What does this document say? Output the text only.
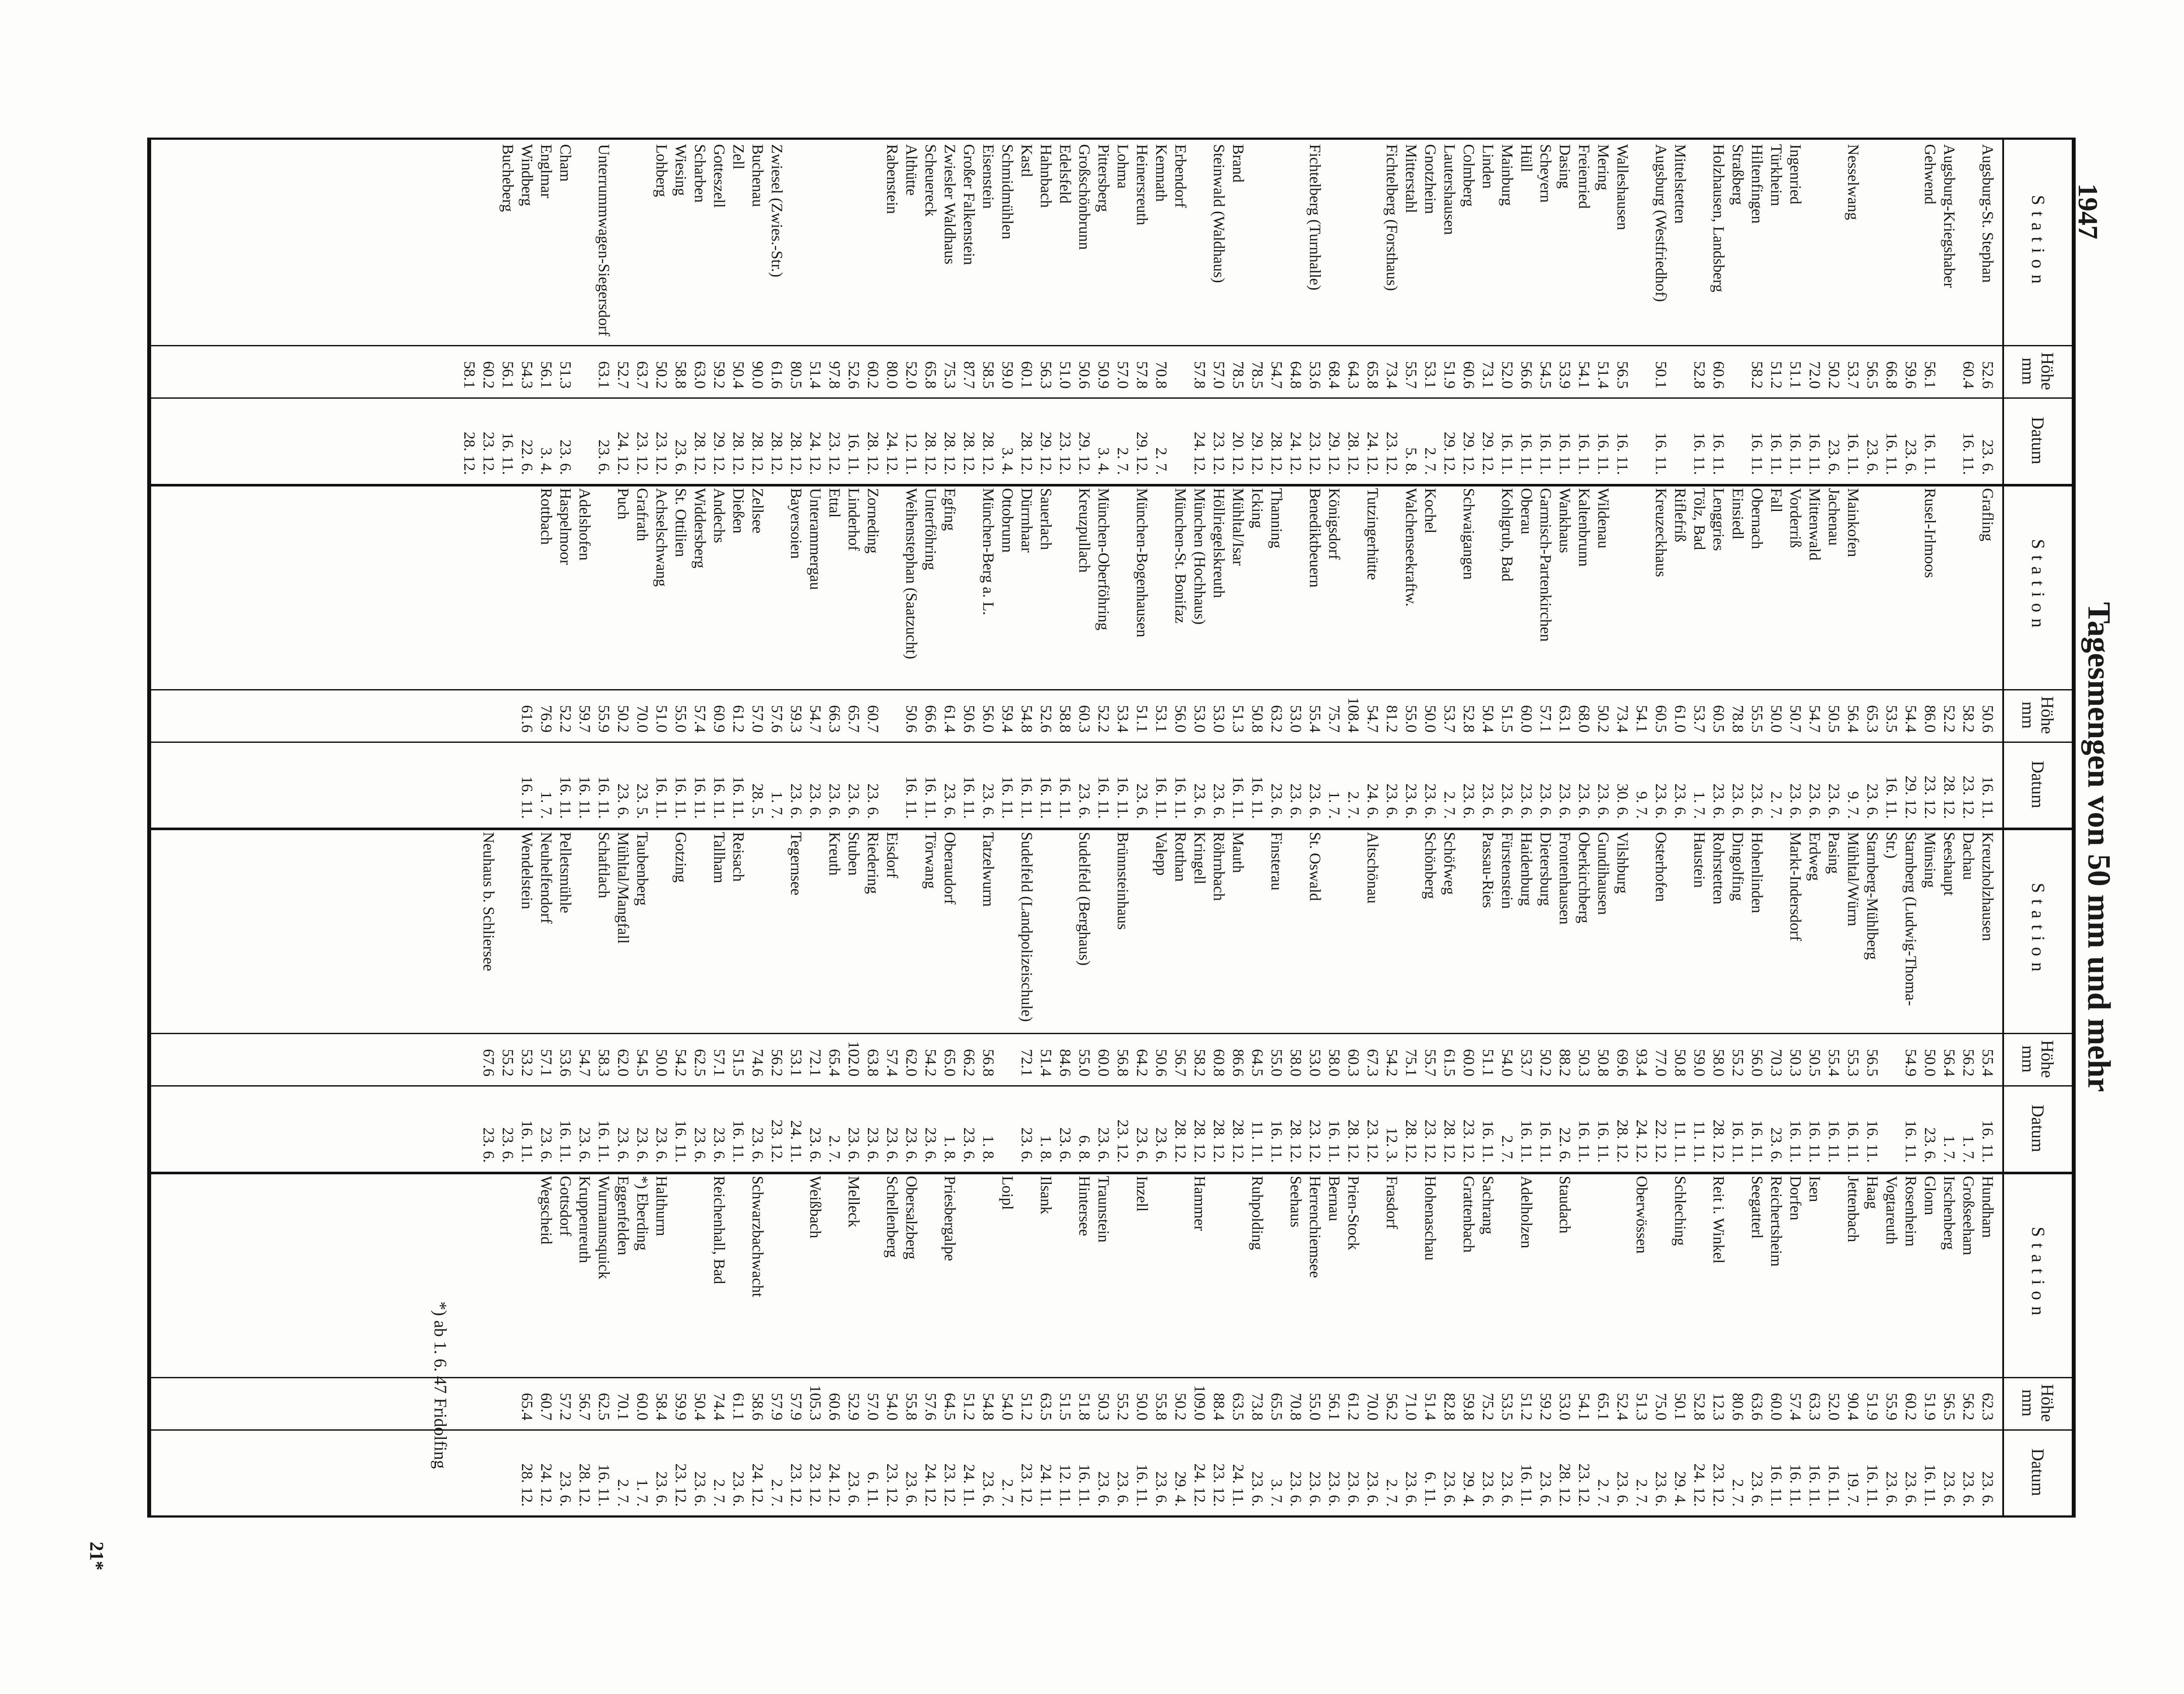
1947
Tagesmengen von 50 mm und mehr
Station
Höhe mm
Datum
Station
Höhe mm
Datum
Station
Höhe mm
Datum
Station
Höhe mm
Datum
Augsburg-St. Stephan
52.6
60.4
23. 6.
16. 11.
Augsburg-Kriegshaber
Gehwend
56.1
59.6
66.8
56.5
16. 11.
23. 6.
16. 11.
23. 6.
Nesselwang
53.7
50.2
72.0
16. 11.
23. 6.
16. 11.
Ingenried
51.1
16. 11.
Türkheim
51.2
16. 11.
Hiltenfingen
58.2
16. 11.
Straßberg
Holzhausen, Landsberg
60.6
52.8
16. 11.
16. 11.
Mittelstetten
Augsburg (Westfriedhof)
50.1
16. 11.
Walleshausen
56.5
16. 11.
Mering
51.4
16. 11.
Freienried
54.1
16. 11.
Dasing
53.9
16. 11.
Scheyern
54.5
16. 11.
Hüll
56.6
16. 11.
Mainburg
52.0
16. 11.
Linden
73.1
29. 12.
Colmberg
60.6
29. 12.
Lautershausen
51.9
29. 12.
Gnotzheim
53.1
2. 7.
Mitterstahl
55.7
5. 8.
Fichtelberg (Forsthaus)
73.4
65.8
64.3
68.4
23. 12.
24. 12.
28. 12.
29. 12.
Fichtelberg (Turnhalle)
53.6
64.8
54.7
78.5
23. 12.
24. 12.
28. 12.
29. 12.
Brand
78.5
20. 12.
Steinwald (Waldhaus)
57.0
57.8
23. 12.
24. 12.
Erbendorf
Kemnath
70.8
2. 7.
Heinersreuth
57.8
29. 12.
Lohma
57.0
2. 7.
Pittersberg
50.9
3. 4.
Großschönbrunn
50.6
29. 12.
Edelsfeld
51.0
23. 12.
Hahnbach
56.3
29. 12.
Kastl
60.1
28. 12.
Schmidmühlen
59.0
3. 4.
Eisenstein
58.5
28. 12.
Großer Falkenstein
87.7
28. 12.
Zwiesler Waldhaus
75.3
28. 12.
Scheuereck
65.8
28. 12.
Althütte
52.0
12. 11.
Rabenstein
80.0
60.2
52.6
97.8
51.4
80.5
24. 12.
28. 12.
16. 11.
23. 12.
24. 12.
28. 12.
Zwiesel (Zwies.-Str.)
61.6
28. 12.
Buchenau
90.0
28. 12.
Zell
50.4
28. 12.
Gotteszell
59.2
29. 12.
Scharben
63.0
28. 12.
Wiesing
58.8
23. 6.
Lohberg
50.2
63.7
52.7
23. 12.
23. 12.
24. 12.
Unterrummwagen-Siegersdorf
63.1
23. 6.
Cham
51.3
23. 6.
Englmar
56.1
3. 4.
Windberg
54.3
22. 6.
Bucheberg
56.1
60.2
58.1
16. 11.
23. 12.
28. 12.
Grafling
50.6
58.2
52.2
16. 11.
23. 12.
28. 12.
Rusel-Irlmoos
86.0
54.4
53.5
65.3
23. 12.
29. 12.
16. 11.
23. 6.
Mainkofen
56.4
9. 7.
Jachenau
50.5
23. 6.
Mittenwald
54.7
23. 6.
Vorderriß
50.7
23. 6.
Fall
50.0
2. 7.
Obernach
55.5
23. 6.
Einsiedl
78.8
23. 6.
Lenggries
60.5
23. 6.
Tölz, Bad
53.7
1. 7.
Riflefriß
61.0
23. 6.
Kreuzeckhaus
60.5
54.1
73.4
23. 6.
9. 7.
30. 6.
Wildenau
50.2
23. 6.
Kaltenbrunn
68.0
23. 6.
Wankhaus
63.1
23. 6.
Garmisch-Partenkirchen
57.1
23. 6.
Oberau
60.0
23. 6.
Kohlgrub, Bad
51.5
50.4
23. 6.
23. 6.
Schwaigangen
52.8
53.7
23. 6.
2. 7.
Kochel
50.0
23. 6.
Walchenseekraftw.
55.0
81.2
23. 6.
23. 6.
Tutzingerhütte
54.7
108.4
24. 6.
2. 7.
Königsdorf
75.7
1. 7.
Benediktbeuern
55.4
53.0
23. 6.
23. 6.
Thanning
63.2
23. 6.
Icking
50.8
16. 11.
Mühltal/Isar
51.3
16. 11.
Höllriegelskreuth
53.0
23. 6.
München (Hochhaus)
53.0
23. 6.
München-St. Bonifaz
56.0
53.1
16. 11.
16. 11.
München-Bogenhausen
51.1
53.4
23. 6.
16. 11.
München-Oberföhring
52.2
16. 11.
Kreuzpullach
60.3
58.8
23. 6.
16. 11.
Sauerlach
52.6
16. 11.
Dürrnhaar
54.8
16. 11.
Ottobrunn
59.4
16. 11.
München-Berg a. L.
56.0
50.6
23. 6.
16. 11.
Egfing
61.4
23. 6.
Unterföhring
66.6
16. 11.
Weihenstephan (Saatzucht)
50.6
16. 11.
Zorneding
60.7
23. 6.
Linderhof
65.7
23. 6.
Ettal
66.3
23. 6.
Unterammergau
54.7
23. 6.
Bayersoien
59.3
57.6
23. 6.
1. 7.
Zellsee
57.0
28. 5.
Dießen
61.2
16. 11.
Andechs
60.9
16. 11.
Widdersberg
57.4
16. 11.
St. Ottilien
55.0
16. 11.
Achselschwang
51.0
16. 11.
Grafrath
70.0
23. 5.
Puch
50.2
55.9
23. 6.
16. 11.
Adelshofen
59.7
16. 11.
Haspelmoor
52.2
16. 11.
Rottbach
76.9
61.6
1. 7.
16. 11.
Kreuzholzhausen
55.4
16. 11.
Dachau
56.2
1. 7.
Seeshaupt
56.4
1. 7.
Münsing
50.0
23. 6.
Starnberg (Ludwig-Thoma-Str.)
54.9
16. 11.
Starnberg-Mühlberg
56.5
16. 11.
Mühltal/Würm
55.3
16. 11.
Pasing
55.4
16. 11.
Erdweg
50.5
16. 11.
Markt-Indersdorf
50.3
70.3
16. 11.
23. 6.
Hohenlinden
56.0
16. 11.
Dingolfing
55.2
16. 11.
Rohrstetten
58.0
28. 12.
Haustein
59.0
50.8
11. 11.
11. 11.
Osterhofen
77.0
93.4
22. 12.
24. 12.
Vilshburg
69.6
28. 12.
Gundihausen
50.8
16. 11.
Oberkirchberg
50.3
16. 11.
Frontenhausen
88.2
22. 6.
Dietersburg
50.2
16. 11.
Haidenburg
53.7
16. 11.
Fürstenstein
54.0
2. 7.
Passau-Ries
51.1
60.0
16. 11.
23. 12.
Schöfweg
61.5
28. 12.
Schönberg
55.7
75.1
54.2
23. 12.
28. 12.
12. 3.
Altschönau
67.3
60.3
58.0
23. 12.
28. 12.
16. 11.
St. Oswald
53.0
58.0
23. 12.
28. 12.
Finsterau
55.0
64.5
16. 11.
11. 11.
Mauth
86.6
28. 12.
Röhrnbach
60.8
28. 12.
Kringell
58.2
28. 12.
Rotthan
56.7
28. 12.
Valepp
50.6
64.2
23. 6.
23. 6.
Brünnsteinhaus
56.8
60.0
23. 12.
23. 6.
Sudelfeld (Berghaus)
55.0
84.6
51.4
6. 8.
23. 6.
1. 8.
Sudelfeld (Landpolizeischule)
72.1
23. 6.
Tatzelwurm
56.8
66.2
1. 8.
23. 6.
Oberaudorf
65.0
1. 8.
Törwang
54.2
62.0
23. 6.
23. 6.
Eisdorf
57.4
23. 6.
Riedering
63.8
23. 6.
Stuben
102.0
23. 6.
Kreuth
65.4
72.1
2. 7.
23. 6.
Tegernsee
53.1
56.2
74.6
24. 11.
23. 12.
23. 6.
Reisach
51.5
16. 11.
Tallham
57.1
62.5
23. 6.
23. 6.
Gotzing
54.2
50.0
16. 11.
23. 6.
Taubenberg
54.5
23. 6.
Mühltal/Mangfall
62.0
23. 6.
Schaftlach
58.3
54.7
16. 11.
23. 6.
Pelletsmühle
53.6
16. 11.
Neuhelfendorf
57.1
23. 6.
Wendelstein
53.2
55.2
16. 11.
23. 6.
Neuhaus b. Schliersee
67.6
23. 6.
Hundham
62.3
23. 6.
Großseeham
56.2
23. 6.
Irschenberg
56.5
23. 6.
Glonn
51.9
16. 11.
Rosenheim
60.2
23. 6.
Vogtareuth
55.9
23. 6.
Haag
51.9
16. 11.
Jettenbach
90.4
52.0
19. 7.
16. 11.
Isen
63.3
16. 11.
Dorfen
57.4
16. 11.
Reichertsheim
60.0
16. 11.
Seegatterl
63.6
80.6
23. 6.
2. 7.
Reit i. Winkel
12.3
52.8
23. 12.
24. 12.
Schleching
50.1
75.0
29. 4.
23. 6.
Oberwössen
51.3
52.4
65.1
54.1
2. 7.
23. 6.
2. 7.
23. 12.
Staudach
53.0
59.2
28. 12.
23. 6.
Adelholzen
51.2
53.5
16. 11.
23. 6.
Sachrang
75.2
23. 6.
Grattenbach
59.8
82.8
29. 4.
23. 6.
Hohenaschau
51.4
71.0
6. 11.
23. 6.
Frasdorf
56.2
70.0
2. 7.
23. 6.
Prien-Stock
61.2
23. 6.
Bernau
56.1
23. 6.
Herrenchiemsee
55.0
23. 6.
Seehaus
70.8
65.5
23. 6.
3. 7.
Ruhpolding
73.8
63.5
88.4
23. 6.
24. 11.
23. 12.
Hammer
109.0
50.2
55.8
24. 12.
29. 4.
23. 6.
Inzell
50.0
55.2
16. 11.
23. 6.
Traunstein
50.3
23. 6.
Hintersee
51.8
51.5
16. 11.
12. 11.
Ilsank
63.5
51.2
24. 11.
23. 12.
Loipl
54.0
54.8
51.2
2. 7.
23. 6.
24. 11.
Priesbergalpe
64.5
57.6
23. 12.
24. 12.
Obersalzberg
55.8
23. 6.
Schellenberg
54.0
57.0
23. 12.
6. 11.
Melleck
52.9
60.6
23. 6.
24. 12.
Weißbach
105.3
57.9
57.9
23. 12.
23. 12.
2. 7.
Schwarzbachwacht
58.6
61.1
24. 12.
23. 6.
Reichenhall, Bad
74.4
50.4
59.9
2. 7.
23. 6.
23. 12.
Halthurm
58.4
23. 6.
*) Eberding
60.0
1. 7.
Eggenfelden
70.1
2. 7.
Wurmannsquick
62.5
16. 11.
Kruppenreuth
56.7
28. 12.
Gottsdorf
57.2
23. 6.
Wegscheid
60.7
65.4
24. 12.
28. 12.
*) ab 1. 6. 47 Fridolfing
21*
